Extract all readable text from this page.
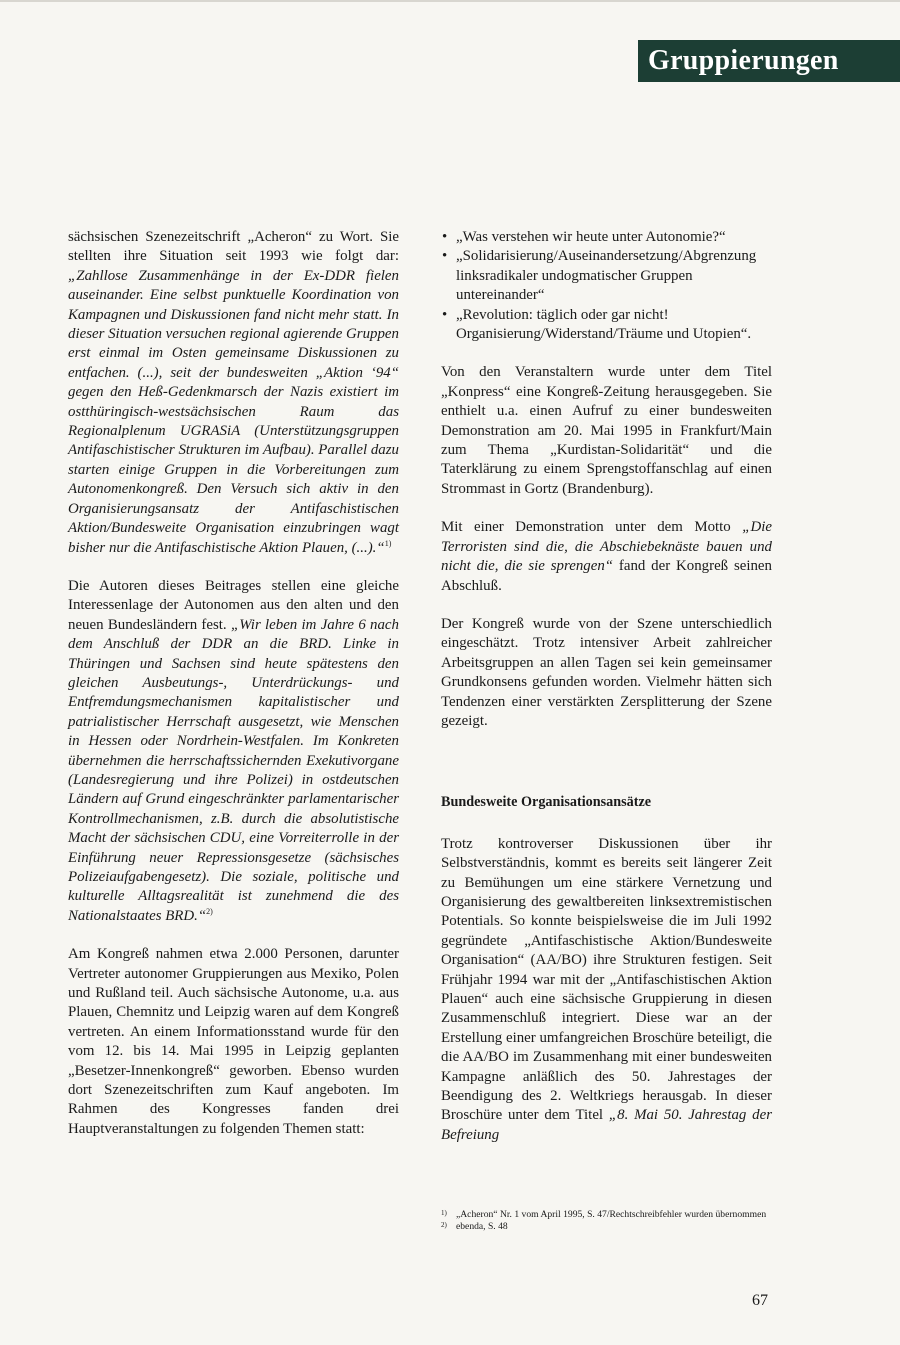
Gruppierungen

sächsischen Szenezeitschrift „Acheron“ zu Wort. Sie stellten ihre Situation seit 1993 wie folgt dar: „Zahllose Zusammenhänge in der Ex-DDR fielen auseinander. Eine selbst punktuelle Koordination von Kampagnen und Diskussionen fand nicht mehr statt. In dieser Situation versuchen regional agierende Gruppen erst einmal im Osten gemeinsame Diskussionen zu entfachen. (...), seit der bundesweiten „Aktion ‘94“ gegen den Heß-Gedenkmarsch der Nazis existiert im ostthüringisch-westsächsischen Raum das Regionalplenum UGRASiA (Unterstützungsgruppen Antifaschistischer Strukturen im Aufbau). Parallel dazu starten einige Gruppen in die Vorbereitungen zum Autonomenkongreß. Den Versuch sich aktiv in den Organisierungsansatz der Antifaschistischen Aktion/Bundesweite Organisation einzubringen wagt bisher nur die Antifaschistische Aktion Plauen, (...).“$^{1)}$

Die Autoren dieses Beitrages stellen eine gleiche Interessenlage der Autonomen aus den alten und den neuen Bundesländern fest. „Wir leben im Jahre 6 nach dem Anschluß der DDR an die BRD. Linke in Thüringen und Sachsen sind heute spätestens den gleichen Ausbeutungs-, Unterdrückungs- und Entfremdungsmechanismen kapitalistischer und patrialistischer Herrschaft ausgesetzt, wie Menschen in Hessen oder Nordrhein-Westfalen. Im Konkreten übernehmen die herrschaftssichernden Exekutivorgane (Landesregierung und ihre Polizei) in ostdeutschen Ländern auf Grund eingeschränkter parlamentarischer Kontrollmechanismen, z.B. durch die absolutistische Macht der sächsischen CDU, eine Vorreiterrolle in der Einführung neuer Repressionsgesetze (sächsisches Polizeiaufgabengesetz). Die soziale, politische und kulturelle Alltagsrealität ist zunehmend die des Nationalstaates BRD.“$^{2)}$

Am Kongreß nahmen etwa 2.000 Personen, darunter Vertreter autonomer Gruppierungen aus Mexiko, Polen und Rußland teil. Auch sächsische Autonome, u.a. aus Plauen, Chemnitz und Leipzig waren auf dem Kongreß vertreten. An einem Informationsstand wurde für den vom 12. bis 14. Mai 1995 in Leipzig geplanten „Besetzer-Innenkongreß“ geworben. Ebenso wurden dort Szenezeitschriften zum Kauf angeboten. Im Rahmen des Kongresses fanden drei Hauptveranstaltungen zu folgenden Themen statt:

• „Was verstehen wir heute unter Autonomie?“
• „Solidarisierung/Auseinandersetzung/Abgrenzung linksradikaler undogmatischer Gruppen untereinander“
• „Revolution: täglich oder gar nicht! Organisierung/Widerstand/Träume und Utopien“.

Von den Veranstaltern wurde unter dem Titel „Konpress“ eine Kongreß-Zeitung herausgegeben. Sie enthielt u.a. einen Aufruf zu einer bundesweiten Demonstration am 20. Mai 1995 in Frankfurt/Main zum Thema „Kurdistan-Solidarität“ und die Taterklärung zu einem Sprengstoffanschlag auf einen Strommast in Gortz (Brandenburg).

Mit einer Demonstration unter dem Motto „Die Terroristen sind die, die Abschiebeknäste bauen und nicht die, die sie sprengen“ fand der Kongreß seinen Abschluß.

Der Kongreß wurde von der Szene unterschiedlich eingeschätzt. Trotz intensiver Arbeit zahlreicher Arbeitsgruppen an allen Tagen sei kein gemeinsamer Grundkonsens gefunden worden. Vielmehr hätten sich Tendenzen einer verstärkten Zersplitterung der Szene gezeigt.

Bundesweite Organisationsansätze

Trotz kontroverser Diskussionen über ihr Selbstverständnis, kommt es bereits seit längerer Zeit zu Bemühungen um eine stärkere Vernetzung und Organisierung des gewaltbereiten linksextremistischen Potentials. So konnte beispielsweise die im Juli 1992 gegründete „Antifaschistische Aktion/Bundesweite Organisation“ (AA/BO) ihre Strukturen festigen. Seit Frühjahr 1994 war mit der „Antifaschistischen Aktion Plauen“ auch eine sächsische Gruppierung in diesen Zusammenschluß integriert. Diese war an der Erstellung einer umfangreichen Broschüre beteiligt, die die AA/BO im Zusammenhang mit einer bundesweiten Kampagne anläßlich des 50. Jahrestages der Beendigung des 2. Weltkriegs herausgab. In dieser Broschüre unter dem Titel „8. Mai 50. Jahrestag der Befreiung

1) „Acheron“ Nr. 1 vom April 1995, S. 47/Rechtschreibfehler wurden übernommen
2) ebenda, S. 48
67
